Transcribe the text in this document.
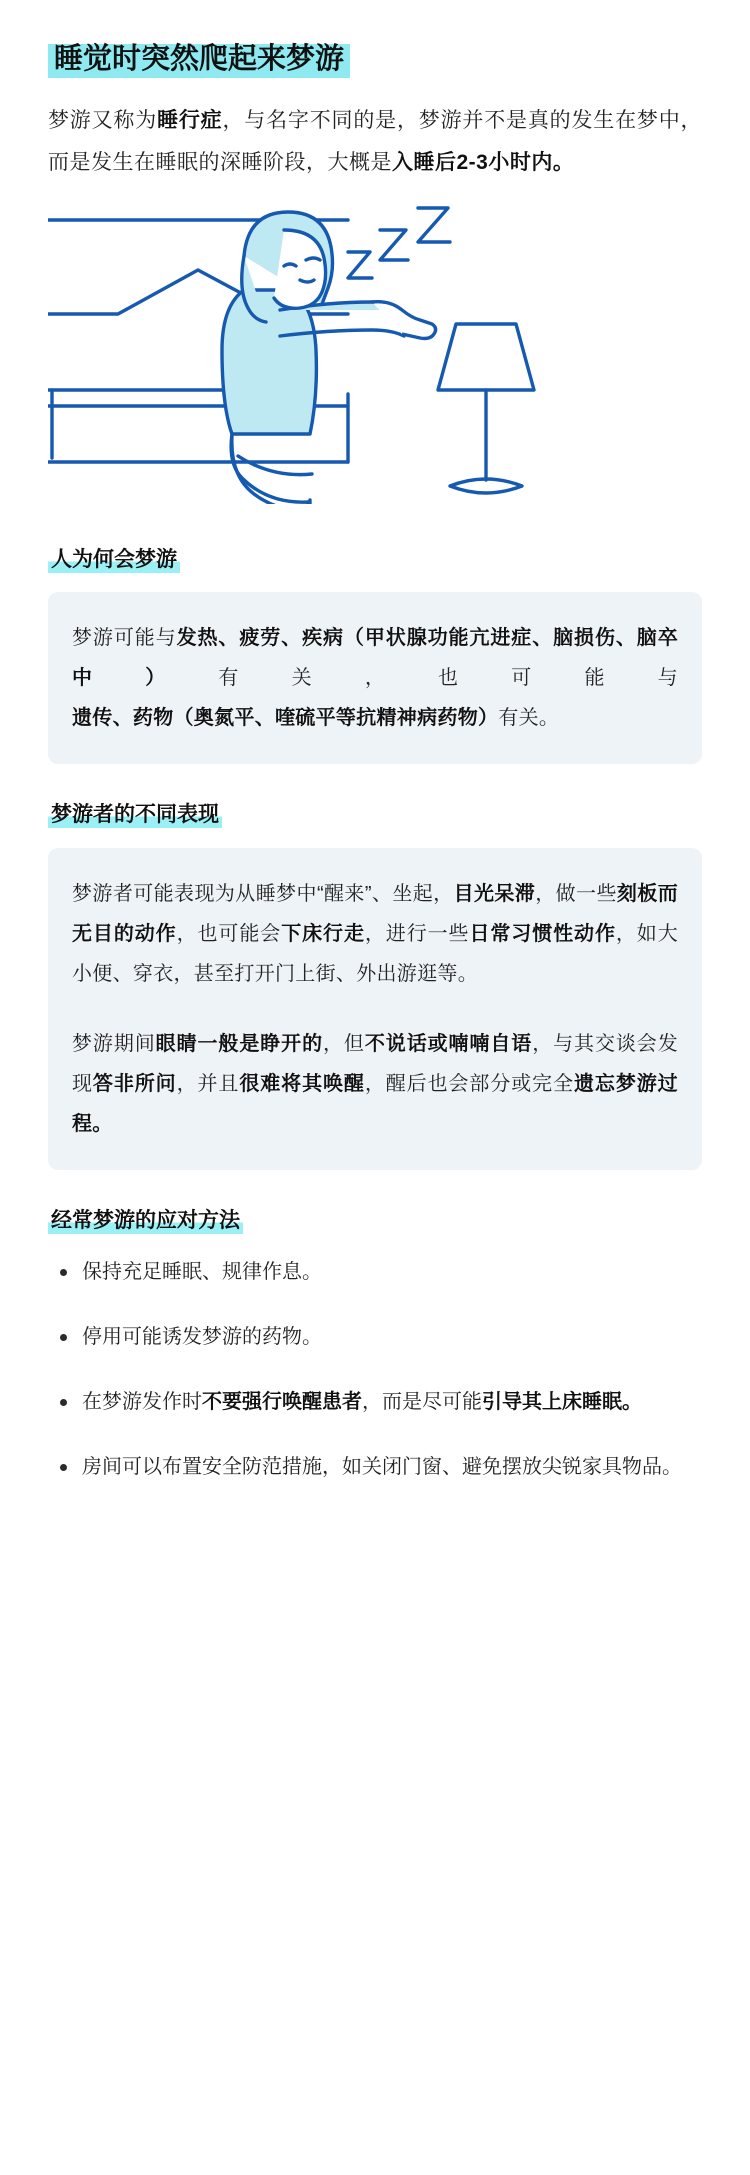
睡觉时突然爬起来梦游

梦游又称为睡行症，与名字不同的是，梦游并不是真的发生在梦中，而是发生在睡眠的深睡阶段，大概是入睡后2-3小时内。

人为何会梦游

梦游可能与发热、疲劳、疾病（甲状腺功能亢进症、脑损伤、脑卒中）有关，也可能与遗传、药物（奥氮平、喹硫平等抗精神病药物）有关。

梦游者的不同表现

梦游者可能表现为从睡梦中“醒来”、坐起，目光呆滞，做一些刻板而无目的动作，也可能会下床行走，进行一些日常习惯性动作，如大小便、穿衣，甚至打开门上街、外出游逛等。

梦游期间眼睛一般是睁开的，但不说话或喃喃自语，与其交谈会发现答非所问，并且很难将其唤醒，醒后也会部分或完全遗忘梦游过程。

经常梦游的应对方法
保持充足睡眠、规律作息。
停用可能诱发梦游的药物。
在梦游发作时不要强行唤醒患者，而是尽可能引导其上床睡眠。
房间可以布置安全防范措施，如关闭门窗、避免摆放尖锐家具物品。
